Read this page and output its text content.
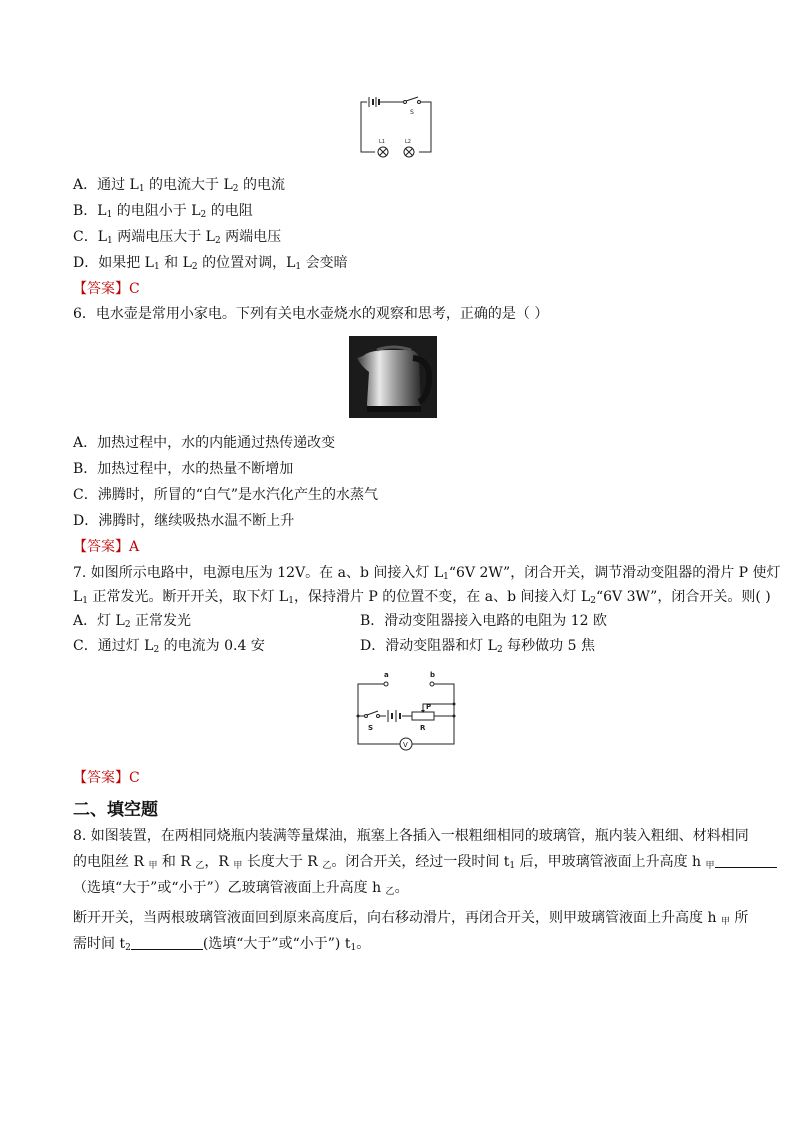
S
L1	L2
A．通过 $L_1$ 的电流大于 $L_2$ 的电流
B．$L_1$ 的电阻小于 $L_2$ 的电阻
C．$L_1$ 两端电压大于 $L_2$ 两端电压
D．如果把 $L_1$ 和 $L_2$ 的位置对调，$L_1$ 会变暗
【答案】C
6．电水壶是常用小家电。下列有关电水壶烧水的观察和思考，正确的是（ ）
A．加热过程中，水的内能通过热传递改变
B．加热过程中，水的热量不断增加
C．沸腾时，所冒的“白气”是水汽化产生的水蒸气
D．沸腾时，继续吸热水温不断上升
【答案】A
7. 如图所示电路中，电源电压为 12V。在 a、b 间接入灯 $L_1“6V$ 2W”，闭合开关，调节滑动变阻器的滑片 P 使灯
$L_1$ 正常发光。断开开关，取下灯 $L_1$，保持滑片 P 的位置不变，在 a、b 间接入灯 $L_2“6V$ 3W”，闭合开关。则( )
A．灯 $L_2$ 正常发光	B．滑动变阻器接入电路的电阻为 12 欧
C．通过灯 $L_2$ 的电流为 0.4 安	D．滑动变阻器和灯 $L_2$ 每秒做功 5 焦
a	b
S
P
R
V
【答案】C
二、填空题
8. 如图装置，在两相同烧瓶内装满等量煤油，瓶塞上各插入一根粗细相同的玻璃管，瓶内装入粗细、材料相同
的电阻丝 R $_甲$ 和 R $_乙$，R $_甲$ 长度大于 R $_乙$。闭合开关，经过一段时间 $t_1$ 后，甲玻璃管液面上升高度 h $_甲$
（选填“大于”或“小于”）乙玻璃管液面上升高度 h $_乙$。
断开开关，当两根玻璃管液面回到原来高度后，向右移动滑片，再闭合开关，则甲玻璃管液面上升高度 h $_甲$ 所
需时间 $t_2$	(选填“大于”或“小于”) $t_1$。
